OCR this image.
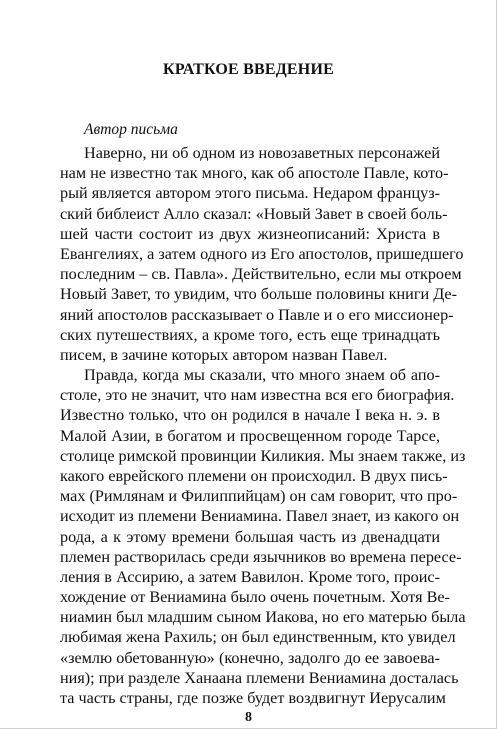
КРАТКОЕ ВВЕДЕНИЕ
Автор письма
Наверно, ни об одном из новозаветных персонажей
нам не известно так много, как об апостоле Павле, кото-
рый является автором этого письма. Недаром француз-
ский библеист Алло сказал: «Новый Завет в своей боль-
шей части состоит из двух жизнеописаний: Христа в
Евангелиях, а затем одного из Его апостолов, пришедшего
последним – св. Павла». Действительно, если мы откроем
Новый Завет, то увидим, что больше половины книги Де-
яний апостолов рассказывает о Павле и о его миссионер-
ских путешествиях, а кроме того, есть еще тринадцать
писем, в зачине которых автором назван Павел.
Правда, когда мы сказали, что много знаем об апо-
столе, это не значит, что нам известна вся его биография.
Известно только, что он родился в начале I века н. э. в
Малой Азии, в богатом и просвещенном городе Тарсе,
столице римской провинции Киликия. Мы знаем также, из
какого еврейского племени он происходил. В двух пись-
мах (Римлянам и Филиппийцам) он сам говорит, что про-
исходит из племени Вениамина. Павел знает, из какого он
рода, а к этому времени большая часть из двенадцати
племен растворилась среди язычников во времена пересе-
ления в Ассирию, а затем Вавилон. Кроме того, проис-
хождение от Вениамина было очень почетным. Хотя Ве-
ниамин был младшим сыном Иакова, но его матерью была
любимая жена Рахиль; он был единственным, кто увидел
«землю обетованную» (конечно, задолго до ее завоева-
ния); при разделе Ханаана племени Вениамина досталась
та часть страны, где позже будет воздвигнут Иерусалим
8
